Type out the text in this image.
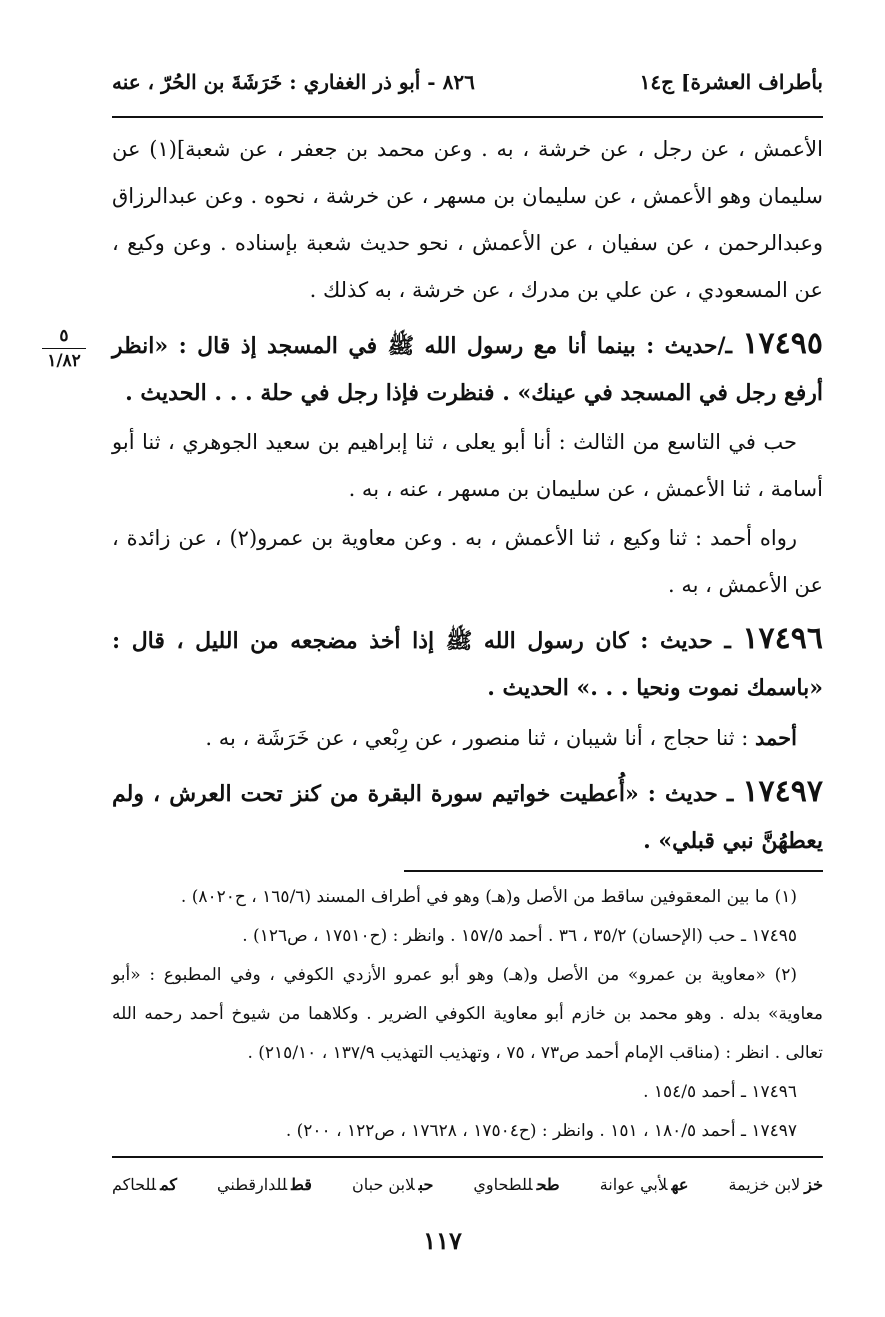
بأطراف العشرة] ج١٤
٨٢٦ - أبو ذر الغفاري : خَرَشَةَ بن الحُرّ ، عنه
٥
١/٨٢

الأعمش ، عن رجل ، عن خرشة ، به . وعن محمد بن جعفر ، عن شعبة](١) عن سليمان وهو الأعمش ، عن سليمان بن مسهر ، عن خرشة ، نحوه . وعن عبدالرزاق وعبدالرحمن ، عن سفيان ، عن الأعمش ، نحو حديث شعبة بإسناده . وعن وكيع ، عن المسعودي ، عن علي بن مدرك ، عن خرشة ، به كذلك .

١٧٤٩٥ ـ/حديث : بينما أنا مع رسول الله ﷺ في المسجد إذ قال : «انظر أرفع رجل في المسجد في عينك» . فنظرت فإذا رجل في حلة . . . الحديث .

حب في التاسع من الثالث : أنا أبو يعلى ، ثنا إبراهيم بن سعيد الجوهري ، ثنا أبو أسامة ، ثنا الأعمش ، عن سليمان بن مسهر ، عنه ، به .

رواه أحمد : ثنا وكيع ، ثنا الأعمش ، به . وعن معاوية بن عمرو(٢) ، عن زائدة ، عن الأعمش ، به .

١٧٤٩٦ ـ حديث : كان رسول الله ﷺ إذا أخذ مضجعه من الليل ، قال : «باسمك نموت ونحيا . . .» الحديث .

أحمد : ثنا حجاج ، أنا شيبان ، ثنا منصور ، عن رِبْعي ، عن خَرَشَة ، به .

١٧٤٩٧ ـ حديث : «أُعطيت خواتيم سورة البقرة من كنز تحت العرش ، ولم يعطهُنَّ نبي قبلي» .

(١) ما بين المعقوفين ساقط من الأصل و(هـ) وهو في أطراف المسند (١٦٥/٦ ، ح٨٠٢٠) .

١٧٤٩٥ ـ حب (الإحسان) ٣٥/٢ ، ٣٦ . أحمد ١٥٧/٥ . وانظر : (ح١٧٥١٠ ، ص١٢٦) .

(٢) «معاوية بن عمرو» من الأصل و(هـ) وهو أبو عمرو الأزدي الكوفي ، وفي المطبوع : «أبو معاوية» بدله . وهو محمد بن خازم أبو معاوية الكوفي الضرير . وكلاهما من شيوخ أحمد رحمه الله تعالى . انظر : (مناقب الإمام أحمد ص٧٣ ، ٧٥ ، وتهذيب التهذيب ١٣٧/٩ ، ٢١٥/١٠) .

١٧٤٩٦ ـ أحمد ١٥٤/٥ .

١٧٤٩٧ ـ أحمد ١٨٠/٥ ، ١٥١ . وانظر : (ح١٧٥٠٤ ، ١٧٦٢٨ ، ص١٢٢ ، ٢٠٠) .

خزلابن خزيمة
عهلأبي عوانة
طحللطحاوي
حبلابن حبان
قطللدارقطني
كمللحاكم
١١٧
